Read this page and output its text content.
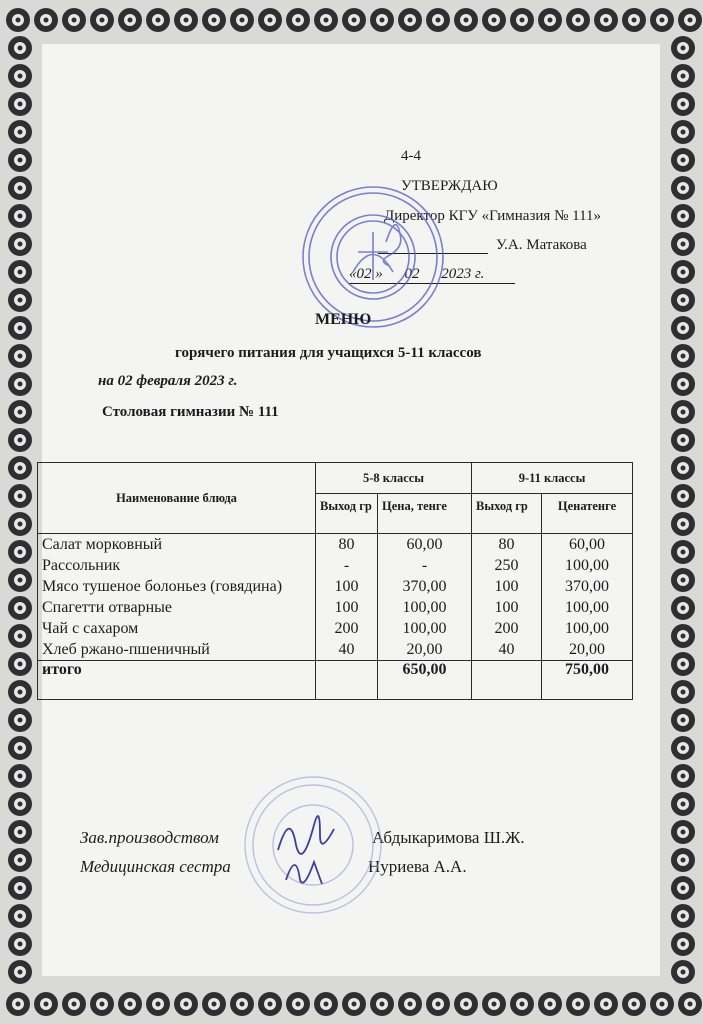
4-4
УТВЕРЖДАЮ
Директор КГУ «Гимназия № 111»
У.А. Матакова
«02 » 02 2023 г.
МЕНЮ
горячего питания для учащихся 5-11 классов
на 02 февраля 2023 г.
Столовая гимназии № 111
Наименование блюда	5-8 классы		9-11 классы	
	Выход гр	Цена, тенге	Выход гр	Ценатенге
Салат морковный	80	60,00	80	60,00
Рассольник	-	-	250	100,00
Мясо тушеное болоньез (говядина)	100	370,00	100	370,00
Спагетти отварные	100	100,00	100	100,00
Чай с сахаром	200	100,00	200	100,00
Хлеб ржано-пшеничный	40	20,00	40	20,00
итого		650,00		750,00
Зав.производством	Абдыкаримова Ш.Ж.
Медицинская сестра	Нуриева А.А.
